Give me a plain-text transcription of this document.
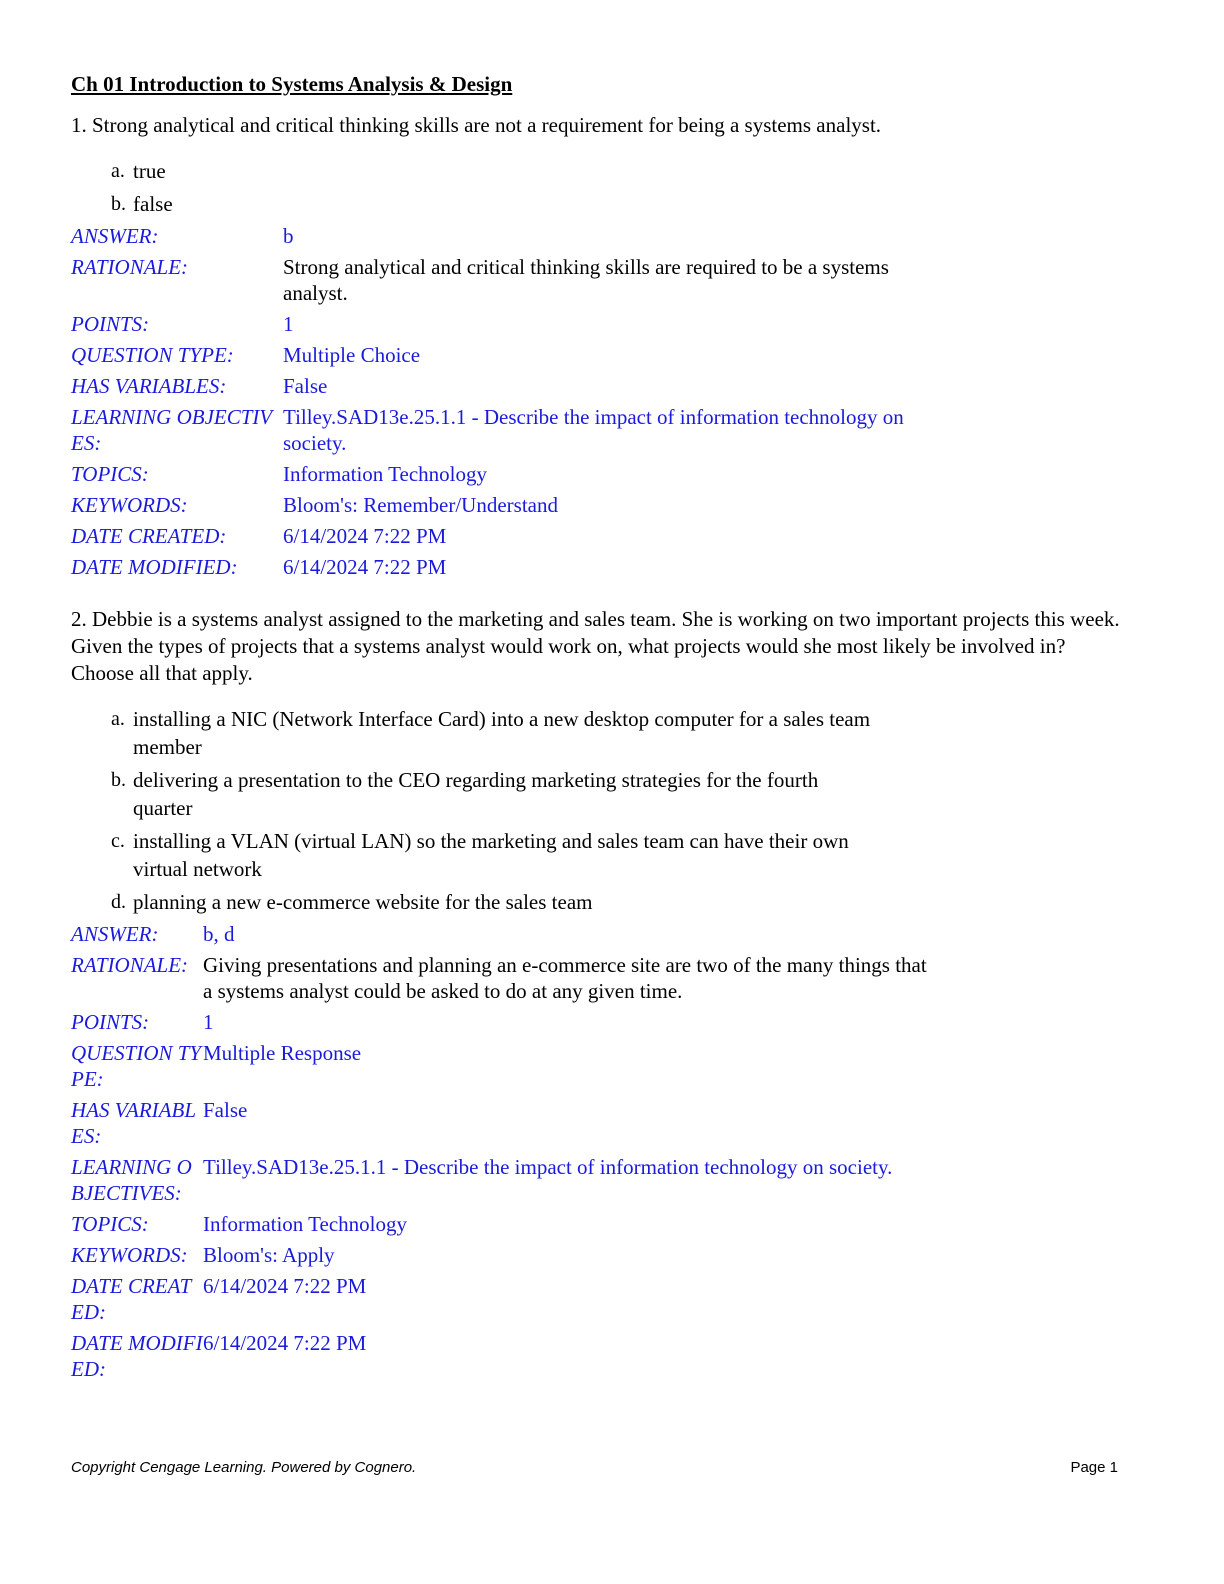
Ch 01 Introduction to Systems Analysis & Design

1. Strong analytical and critical thinking skills are not a requirement for being a systems analyst.

a. true
b. false
ANSWER:	b
RATIONALE:	Strong analytical and critical thinking skills are required to be a systems analyst.
POINTS:	1
QUESTION TYPE:	Multiple Choice
HAS VARIABLES:	False
LEARNING OBJECTIVES:
Tilley.SAD13e.25.1.1 - Describe the impact of information technology on society.
TOPICS:	Information Technology
KEYWORDS:	Bloom's: Remember/Understand
DATE CREATED:	6/14/2024 7:22 PM
DATE MODIFIED:	6/14/2024 7:22 PM

2. Debbie is a systems analyst assigned to the marketing and sales team. She is working on two important projects this week. Given the types of projects that a systems analyst would work on, what projects would she most likely be involved in? Choose all that apply.

a. installing a NIC (Network Interface Card) into a new desktop computer for a sales team member
b. delivering a presentation to the CEO regarding marketing strategies for the fourth quarter
c. installing a VLAN (virtual LAN) so the marketing and sales team can have their own virtual network
d. planning a new e-commerce website for the sales team
ANSWER:	b, d
RATIONALE: Giving presentations and planning an e-commerce site are two of the many things that a systems analyst could be asked to do at any given time.
POINTS:	1
QUESTION TYPE:
Multiple Response
HAS VARIABLES:
False
LEARNING OBJECTIVES:
Tilley.SAD13e.25.1.1 - Describe the impact of information technology on society.
TOPICS:	Information Technology
KEYWORDS: Bloom's: Apply
DATE CREATED:
6/14/2024 7:22 PM
DATE MODIFIED:
6/14/2024 7:22 PM
Copyright Cengage Learning. Powered by Cognero.	Page 1
